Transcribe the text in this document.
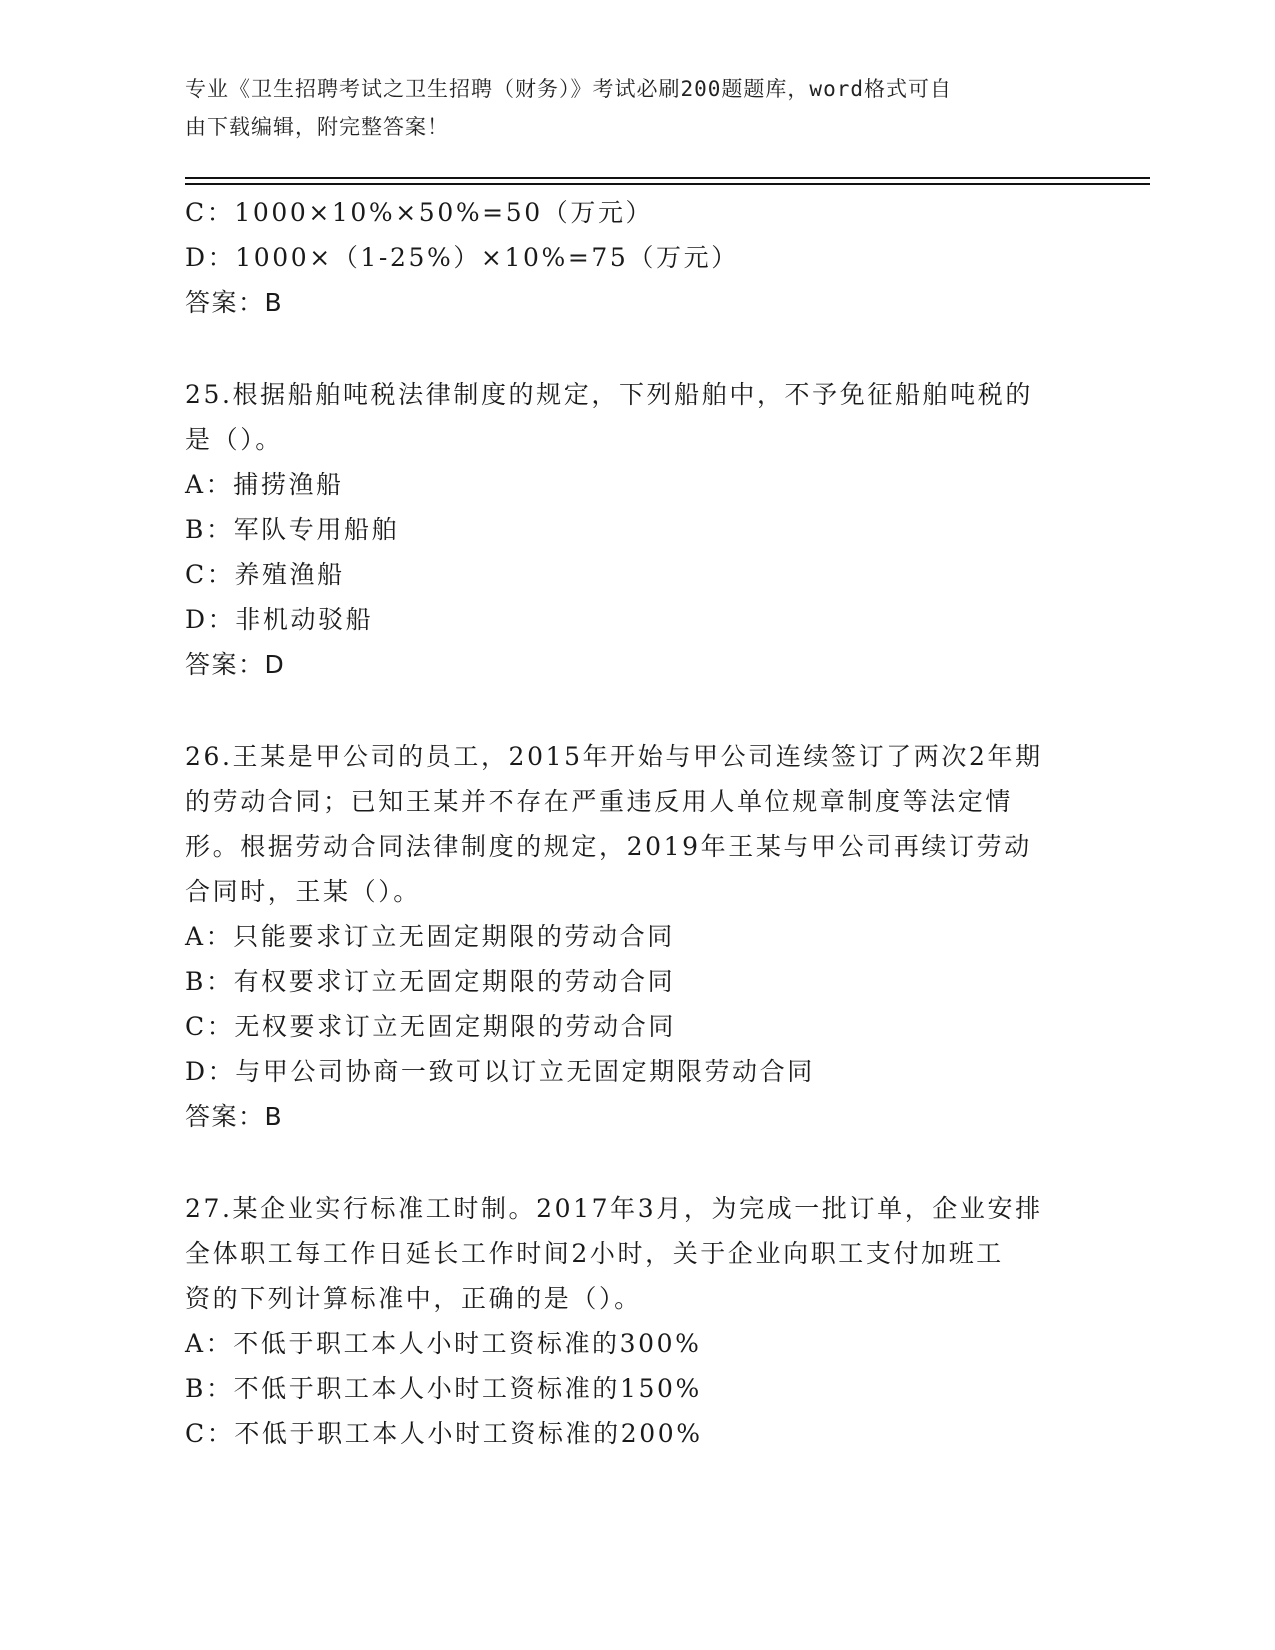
专业《卫生招聘考试之卫生招聘（财务）》考试必刷200题题库，word格式可自
由下载编辑，附完整答案！
C：1000×10%×50%=50（万元）
D：1000×（1-25%）×10%=75（万元）
答案：B
25.根据船舶吨税法律制度的规定，下列船舶中，不予免征船舶吨税的
是（）。
A：捕捞渔船
B：军队专用船舶
C：养殖渔船
D：非机动驳船
答案：D
26.王某是甲公司的员工，2015年开始与甲公司连续签订了两次2年期
的劳动合同；已知王某并不存在严重违反用人单位规章制度等法定情
形。根据劳动合同法律制度的规定，2019年王某与甲公司再续订劳动
合同时，王某（）。
A：只能要求订立无固定期限的劳动合同
B：有权要求订立无固定期限的劳动合同
C：无权要求订立无固定期限的劳动合同
D：与甲公司协商一致可以订立无固定期限劳动合同
答案：B
27.某企业实行标准工时制。2017年3月，为完成一批订单，企业安排
全体职工每工作日延长工作时间2小时，关于企业向职工支付加班工
资的下列计算标准中，正确的是（）。
A：不低于职工本人小时工资标准的300%
B：不低于职工本人小时工资标准的150%
C：不低于职工本人小时工资标准的200%
